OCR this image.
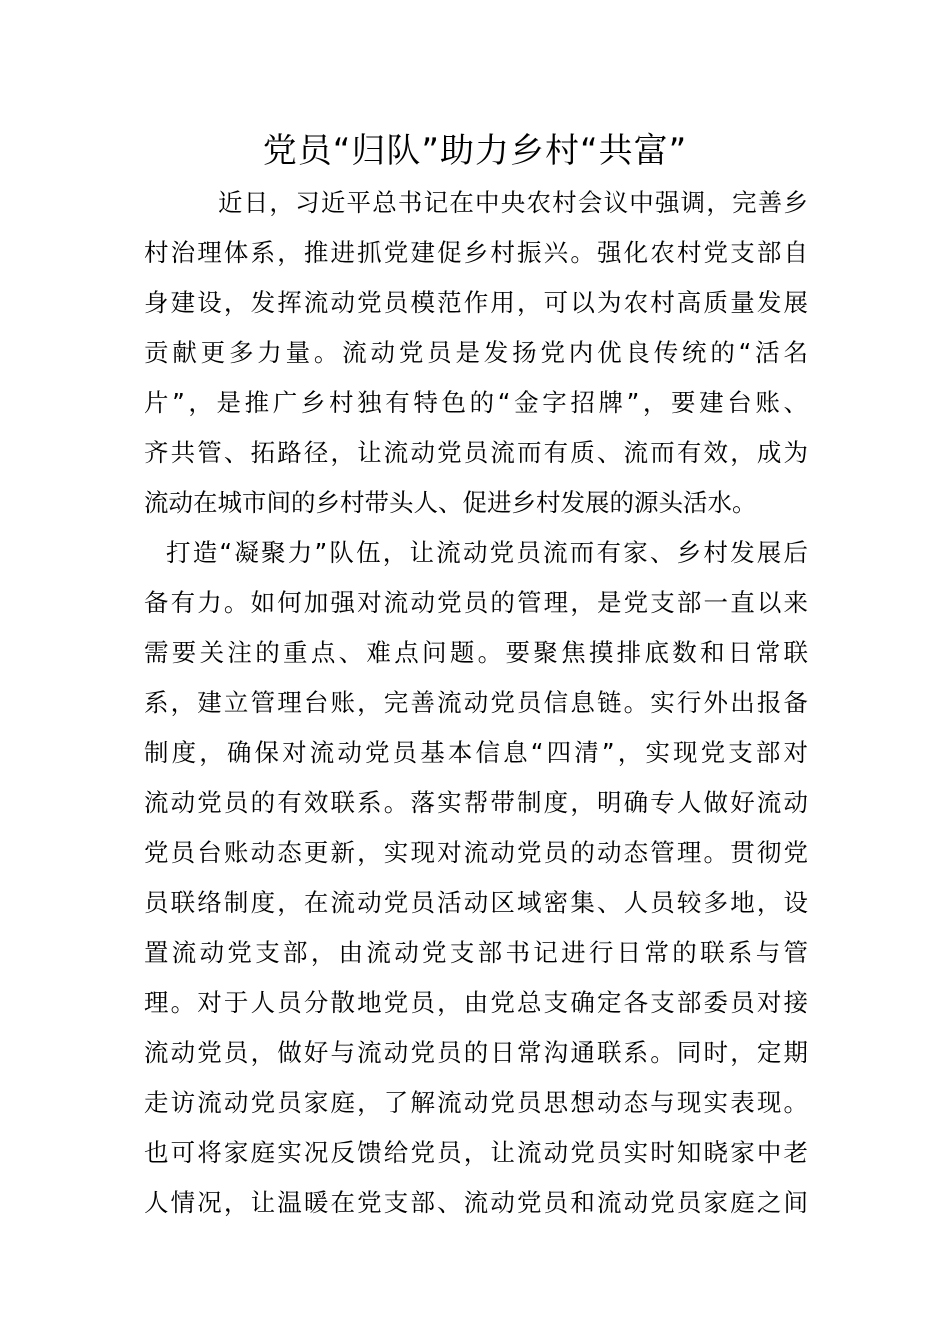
党员“归队”助力乡村“共富”
近日，习近平总书记在中央农村会议中强调，完善乡
村治理体系，推进抓党建促乡村振兴。强化农村党支部自
身建设，发挥流动党员模范作用，可以为农村高质量发展
贡献更多力量。流动党员是发扬党内优良传统的“活名
片”，是推广乡村独有特色的“金字招牌”，要建台账、
齐共管、拓路径，让流动党员流而有质、流而有效，成为
流动在城市间的乡村带头人、促进乡村发展的源头活水。
打造“凝聚力”队伍，让流动党员流而有家、乡村发展后
备有力。如何加强对流动党员的管理，是党支部一直以来
需要关注的重点、难点问题。要聚焦摸排底数和日常联
系，建立管理台账，完善流动党员信息链。实行外出报备
制度，确保对流动党员基本信息“四清”，实现党支部对
流动党员的有效联系。落实帮带制度，明确专人做好流动
党员台账动态更新，实现对流动党员的动态管理。贯彻党
员联络制度，在流动党员活动区域密集、人员较多地，设
置流动党支部，由流动党支部书记进行日常的联系与管
理。对于人员分散地党员，由党总支确定各支部委员对接
流动党员，做好与流动党员的日常沟通联系。同时，定期
走访流动党员家庭，了解流动党员思想动态与现实表现。
也可将家庭实况反馈给党员，让流动党员实时知晓家中老
人情况，让温暖在党支部、流动党员和流动党员家庭之间
